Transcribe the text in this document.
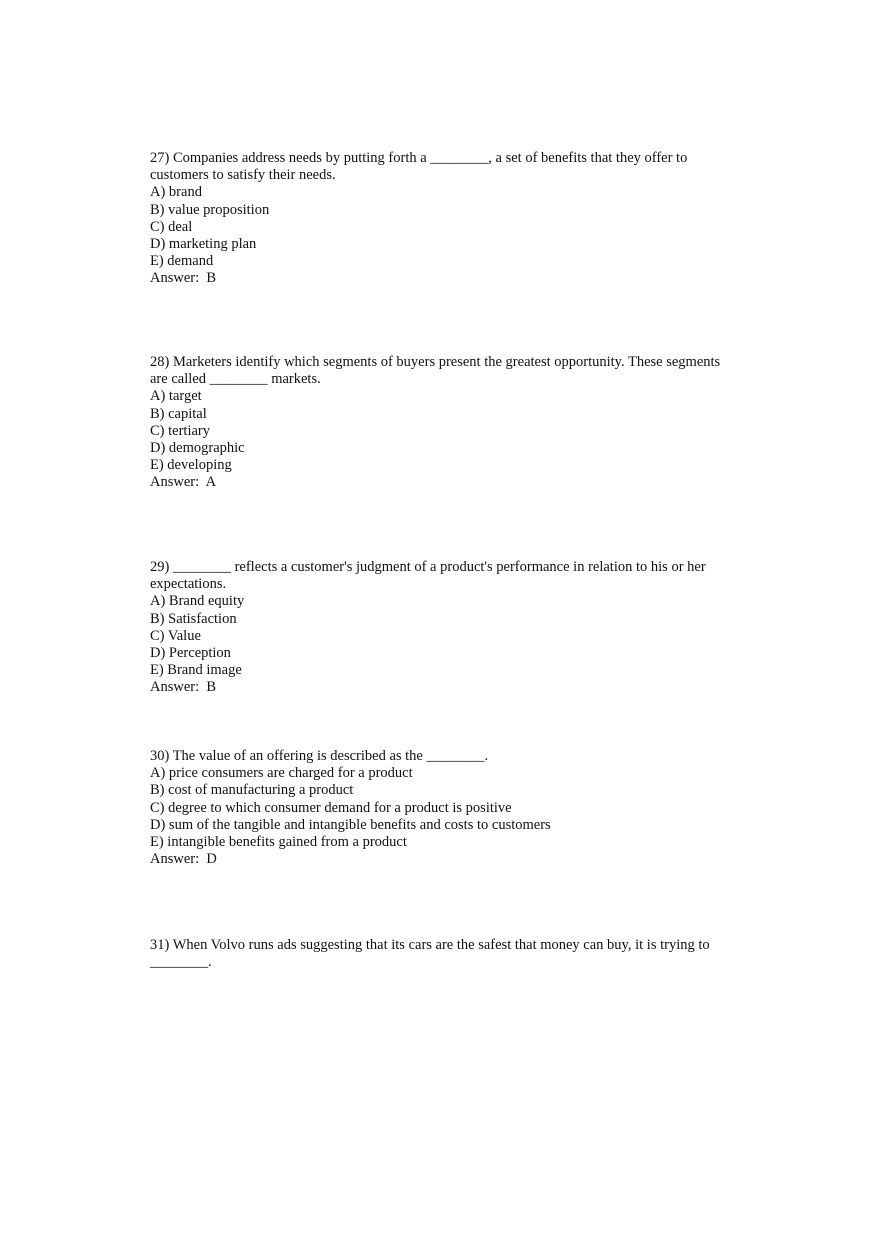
27) Companies address needs by putting forth a ________, a set of benefits that they offer to customers to satisfy their needs.
A) brand
B) value proposition
C) deal
D) marketing plan
E) demand
Answer:  B
28) Marketers identify which segments of buyers present the greatest opportunity. These segments are called ________ markets.
A) target
B) capital
C) tertiary
D) demographic
E) developing
Answer:  A
29) ________ reflects a customer's judgment of a product's performance in relation to his or her expectations.
A) Brand equity
B) Satisfaction
C) Value
D) Perception
E) Brand image
Answer:  B
30) The value of an offering is described as the ________.
A) price consumers are charged for a product
B) cost of manufacturing a product
C) degree to which consumer demand for a product is positive
D) sum of the tangible and intangible benefits and costs to customers
E) intangible benefits gained from a product
Answer:  D
31) When Volvo runs ads suggesting that its cars are the safest that money can buy, it is trying to ________.
